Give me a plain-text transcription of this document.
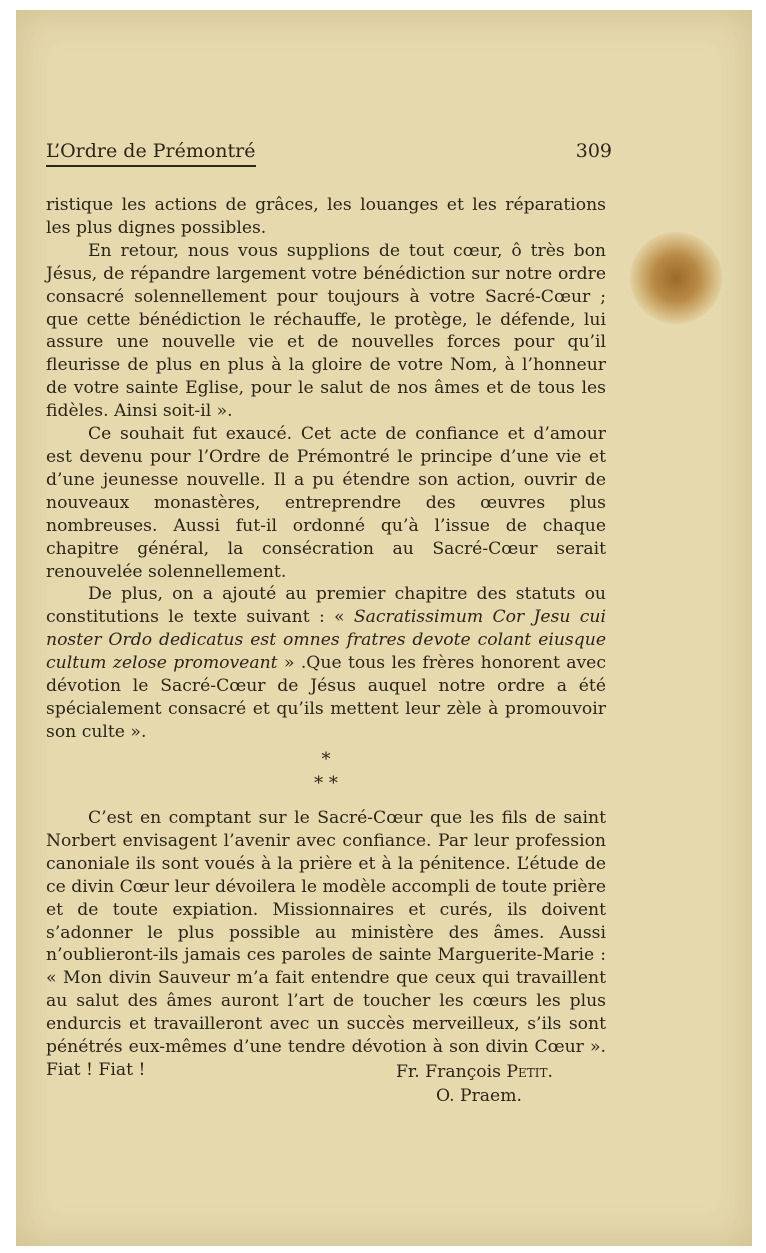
L’Ordre de Prémontré	309

ristique les actions de grâces, les louanges et les réparations les plus dignes possibles.

En retour, nous vous supplions de tout cœur, ô très bon Jésus, de répandre largement votre bénédiction sur notre ordre consacré solennellement pour toujours à votre Sacré-Cœur ; que cette bénédiction le réchauffe, le protège, le défende, lui assure une nouvelle vie et de nouvelles forces pour qu’il fleurisse de plus en plus à la gloire de votre Nom, à l’honneur de votre sainte Eglise, pour le salut de nos âmes et de tous les fidèles. Ainsi soit-il ».

Ce souhait fut exaucé. Cet acte de confiance et d’amour est devenu pour l’Ordre de Prémontré le principe d’une vie et d’une jeunesse nouvelle. Il a pu étendre son action, ouvrir de nouveaux monastères, entreprendre des œuvres plus nombreuses. Aussi fut-il ordonné qu’à l’issue de chaque chapitre général, la consécration au Sacré-Cœur serait renouvelée solennellement.

De plus, on a ajouté au premier chapitre des statuts ou constitutions le texte suivant : « Sacratissimum Cor Jesu cui noster Ordo dedicatus est omnes fratres devote colant eiusque cultum zelose promoveant » .Que tous les frères honorent avec dévotion le Sacré-Cœur de Jésus auquel notre ordre a été spécialement consacré et qu’ils mettent leur zèle à promouvoir son culte ».

*
* *

C’est en comptant sur le Sacré-Cœur que les fils de saint Norbert envisagent l’avenir avec confiance. Par leur profession canoniale ils sont voués à la prière et à la pénitence. L’étude de ce divin Cœur leur dévoilera le modèle accompli de toute prière et de toute expiation. Missionnaires et curés, ils doivent s’adonner le plus possible au ministère des âmes. Aussi n’oublieront-ils jamais ces paroles de sainte Marguerite-Marie : « Mon divin Sauveur m’a fait entendre que ceux qui travaillent au salut des âmes auront l’art de toucher les cœurs les plus endurcis et travailleront avec un succès merveilleux, s’ils sont pénétrés eux-mêmes d’une tendre dévotion à son divin Cœur ». Fiat ! Fiat !	Fr. François Petit.
O. Praem.
